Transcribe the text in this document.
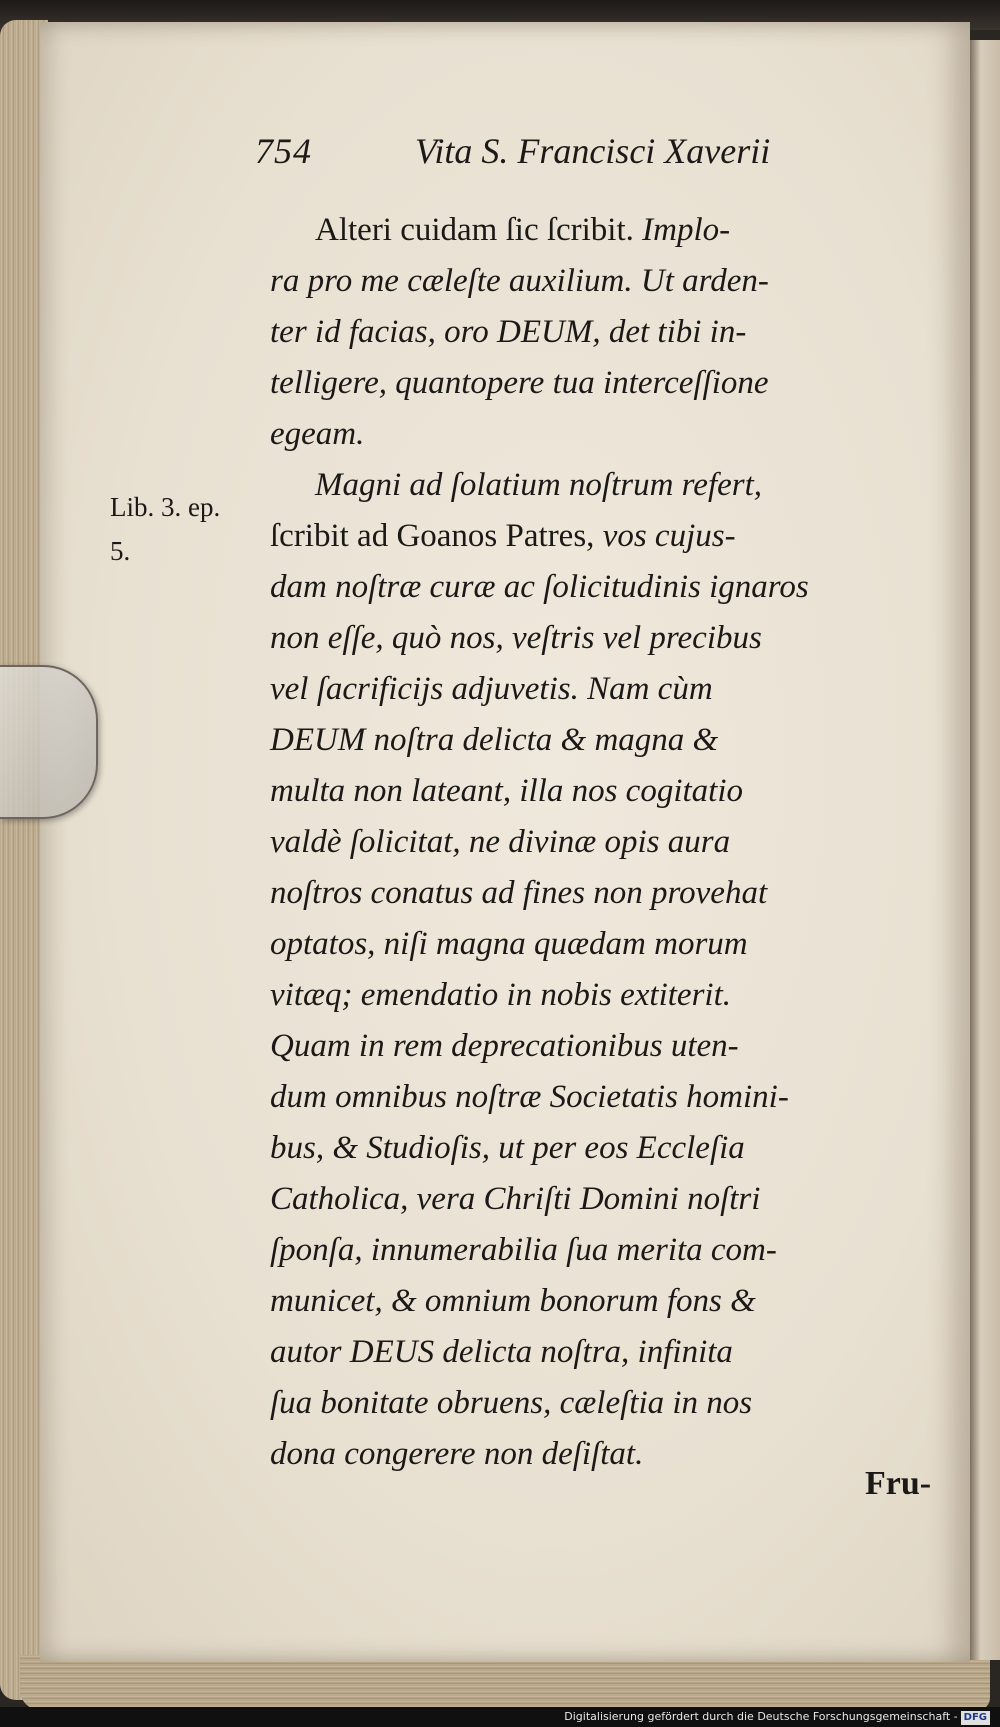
754	Vita S. Francisci Xaverii
Lib. 3. ep.
5.
Alteri cuidam ſic ſcribit. Implo-
ra pro me cæleſte auxilium. Ut arden-
ter id facias, oro DEUM, det tibi in-
telligere, quantopere tua interceſſione
egeam.
Magni ad ſolatium noſtrum refert,
ſcribit ad Goanos Patres, vos cujus-
dam noſtræ curæ ac ſolicitudinis ignaros
non eſſe, quò nos, veſtris vel precibus
vel ſacrificijs adjuvetis. Nam cùm
DEUM noſtra delicta & magna &
multa non lateant, illa nos cogitatio
valdè ſolicitat, ne divinæ opis aura
noſtros conatus ad fines non provehat
optatos, niſi magna quædam morum
vitæq; emendatio in nobis extiterit.
Quam in rem deprecationibus uten-
dum omnibus noſtræ Societatis homini-
bus, & Studioſis, ut per eos Eccleſia
Catholica, vera Chriſti Domini noſtri
ſponſa, innumerabilia ſua merita com-
municet, & omnium bonorum fons &
autor DEUS delicta noſtra, infinita
ſua bonitate obruens, cæleſtia in nos
dona congerere non deſiſtat.
Fru-
Digitalisierung gefördert durch die Deutsche Forschungsgemeinschaft - DFG
